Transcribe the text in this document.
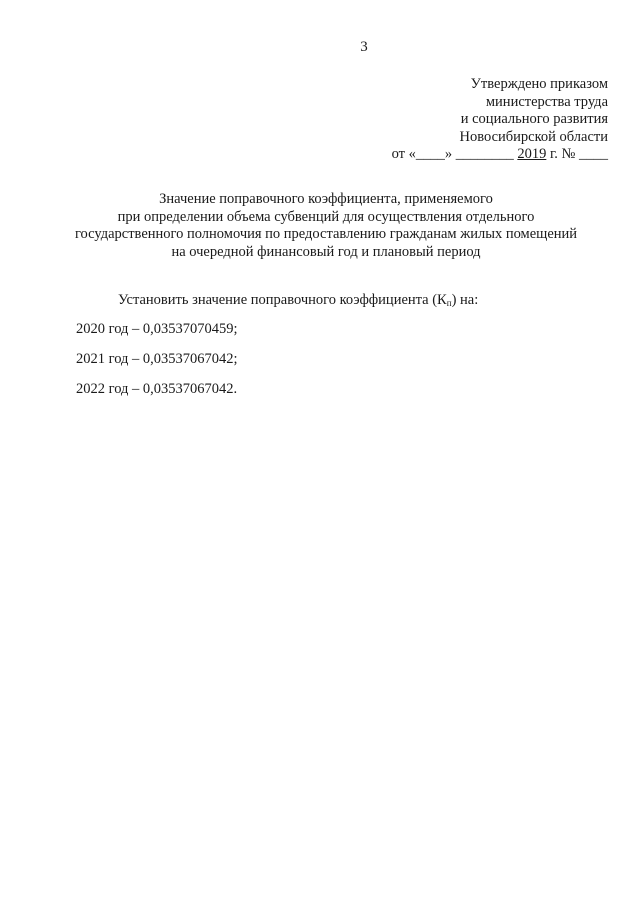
3
Утверждено приказом
министерства труда
и социального развития
Новосибирской области
от «____» ________ 2019 г. № ____
Значение поправочного коэффициента, применяемого
при определении объема субвенций для осуществления отдельного
государственного полномочия по предоставлению гражданам жилых помещений
на очередной финансовый год и плановый период
Установить значение поправочного коэффициента $(К_п)$ на:
2020 год – 0,03537070459;
2021 год – 0,03537067042;
2022 год – 0,03537067042.
